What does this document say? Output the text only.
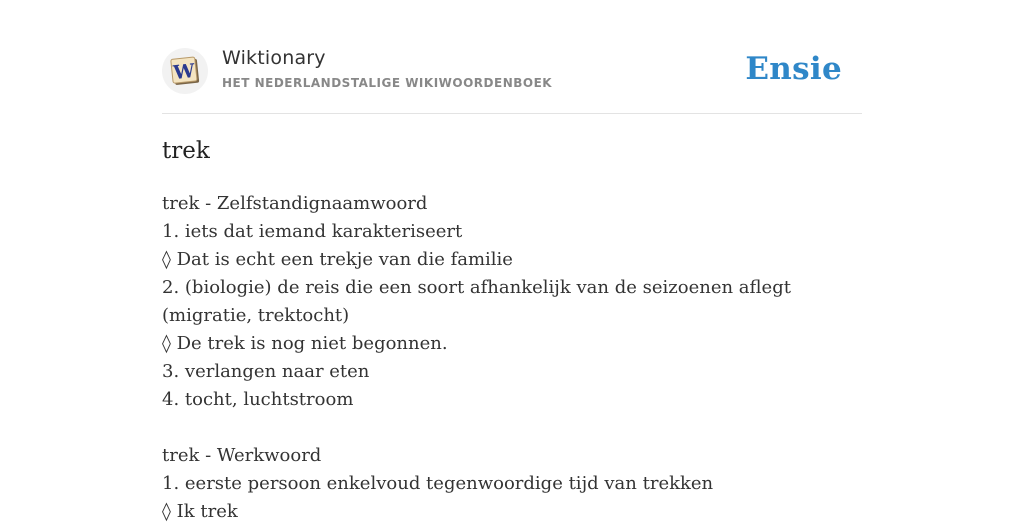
W
Wiktionary
HET NEDERLANDSTALIGE WIKIWOORDENBOEK	Ensie
trek
trek - Zelfstandignaamwoord
1. iets dat iemand karakteriseert
◊ Dat is echt een trekje van die familie
2. (biologie) de reis die een soort afhankelijk van de seizoenen aflegt (migratie, trektocht)
◊ De trek is nog niet begonnen.
3. verlangen naar eten
4. tocht, luchtstroom
trek - Werkwoord
1. eerste persoon enkelvoud tegenwoordige tijd van trekken
◊ Ik trek
